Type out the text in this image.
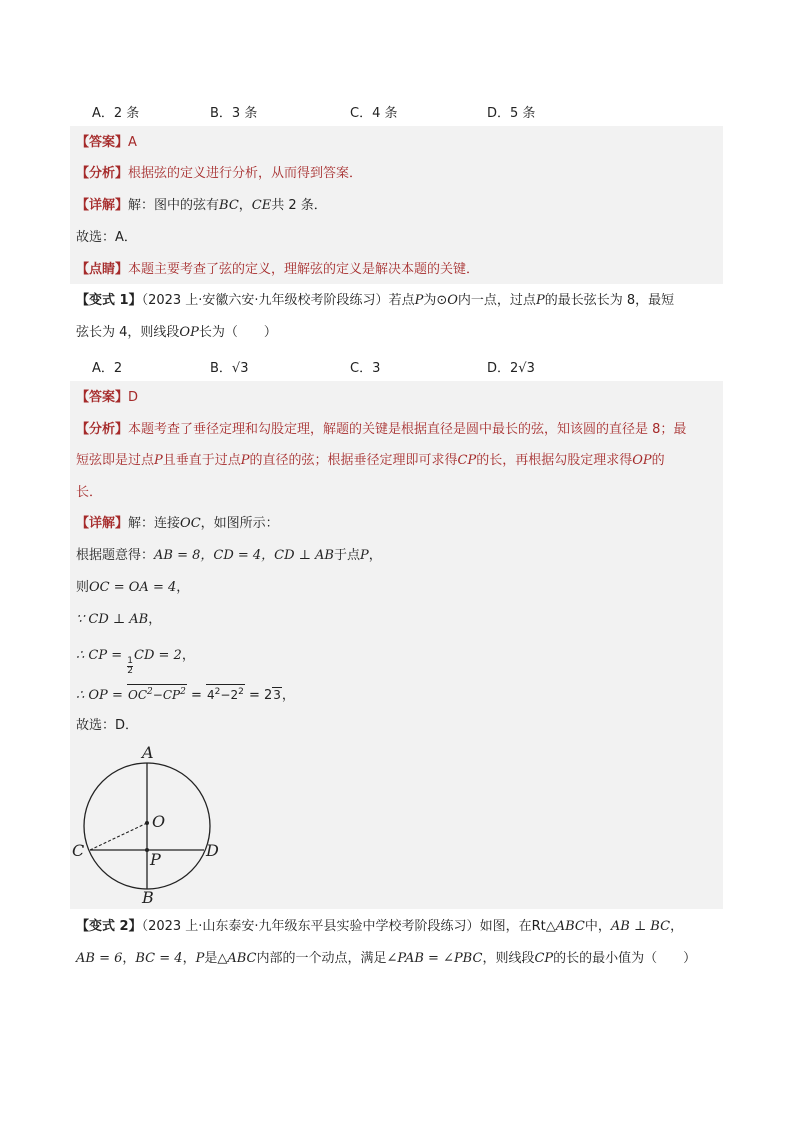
A．2 条	B．3 条	C．4 条	D．5 条
【答案】A
【分析】根据弦的定义进行分析，从而得到答案．
【详解】解：图中的弦有BC，CE共 2 条．
故选：A．
【点睛】本题主要考查了弦的定义，理解弦的定义是解决本题的关键．
【变式 1】（2023 上·安徽六安·九年级校考阶段练习）若点P为⊙O内一点，过点P的最长弦长为 8，最短
弦长为 4，则线段OP长为（　　）
A．2	B．√3	C．3	D．2√3
【答案】D
【分析】本题考查了垂径定理和勾股定理，解题的关键是根据直径是圆中最长的弦，知该圆的直径是 8；最
短弦即是过点P且垂直于过点P的直径的弦；根据垂径定理即可求得CP的长，再根据勾股定理求得OP的
长．
【详解】解：连接OC，如图所示：
根据题意得：AB = 8，CD = 4，CD ⊥ AB于点P，
则OC = OA = 4，
∵ CD ⊥ AB，
∴ CP =
$\frac{1}{2}$
CD = 2，
∴ OP = $OC^2-CP^2 = 4^2-2^2 = 23$，
故选：D．
A
B
C	D
O
P
【变式 2】（2023 上·山东泰安·九年级东平县实验中学校考阶段练习）如图，在Rt△ABC中，AB ⊥ BC，
AB = 6，BC = 4，P是△ABC内部的一个动点，满足∠PAB = ∠PBC，则线段CP的长的最小值为（　　）
